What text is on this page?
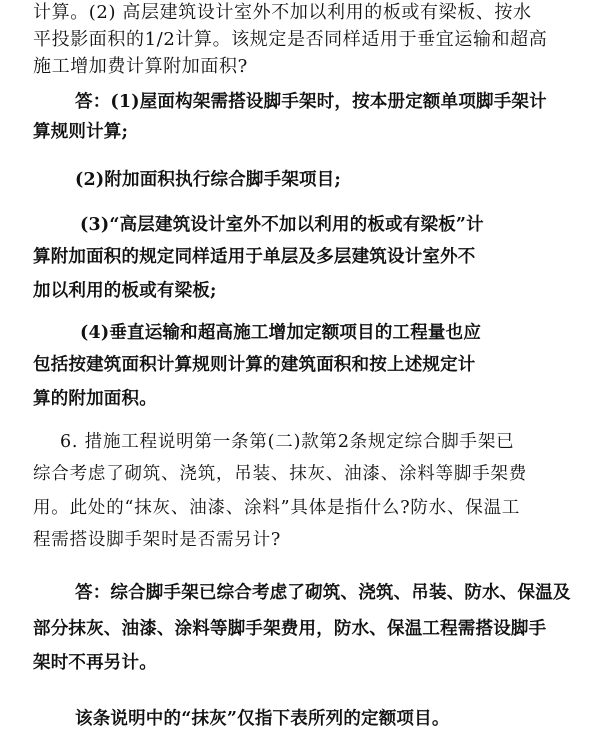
计算。(2) 高层建筑设计室外不加以利用的板或有梁板、按水
平投影面积的1/2计算。该规定是否同样适用于垂宜运输和超高
施工增加费计算附加面积?
答：(1)屋面构架需搭设脚手架时，按本册定额单项脚手架计
算规则计算;
(2)附加面积执行综合脚手架项目;
(3)“高层建筑设计室外不加以利用的板或有梁板”计
算附加面积的规定同样适用于单层及多层建筑设计室外不
加以利用的板或有梁板;
(4)垂直运输和超高施工增加定额项目的工程量也应
包括按建筑面积计算规则计算的建筑面积和按上述规定计
算的附加面积。
6. 措施工程说明第一条第(二)款第2条规定综合脚手架已
综合考虑了砌筑、浇筑，吊装、抹灰、油漆、涂料等脚手架费
用。此处的“抹灰、油漆、涂料”具体是指什么?防水、保温工
程需搭设脚手架时是否需另计?
答：综合脚手架已综合考虑了砌筑、浇筑、吊装、防水、保温及
部分抹灰、油漆、涂料等脚手架费用，防水、保温工程需搭设脚手
架时不再另计。
该条说明中的“抹灰”仅指下表所列的定额项目。
